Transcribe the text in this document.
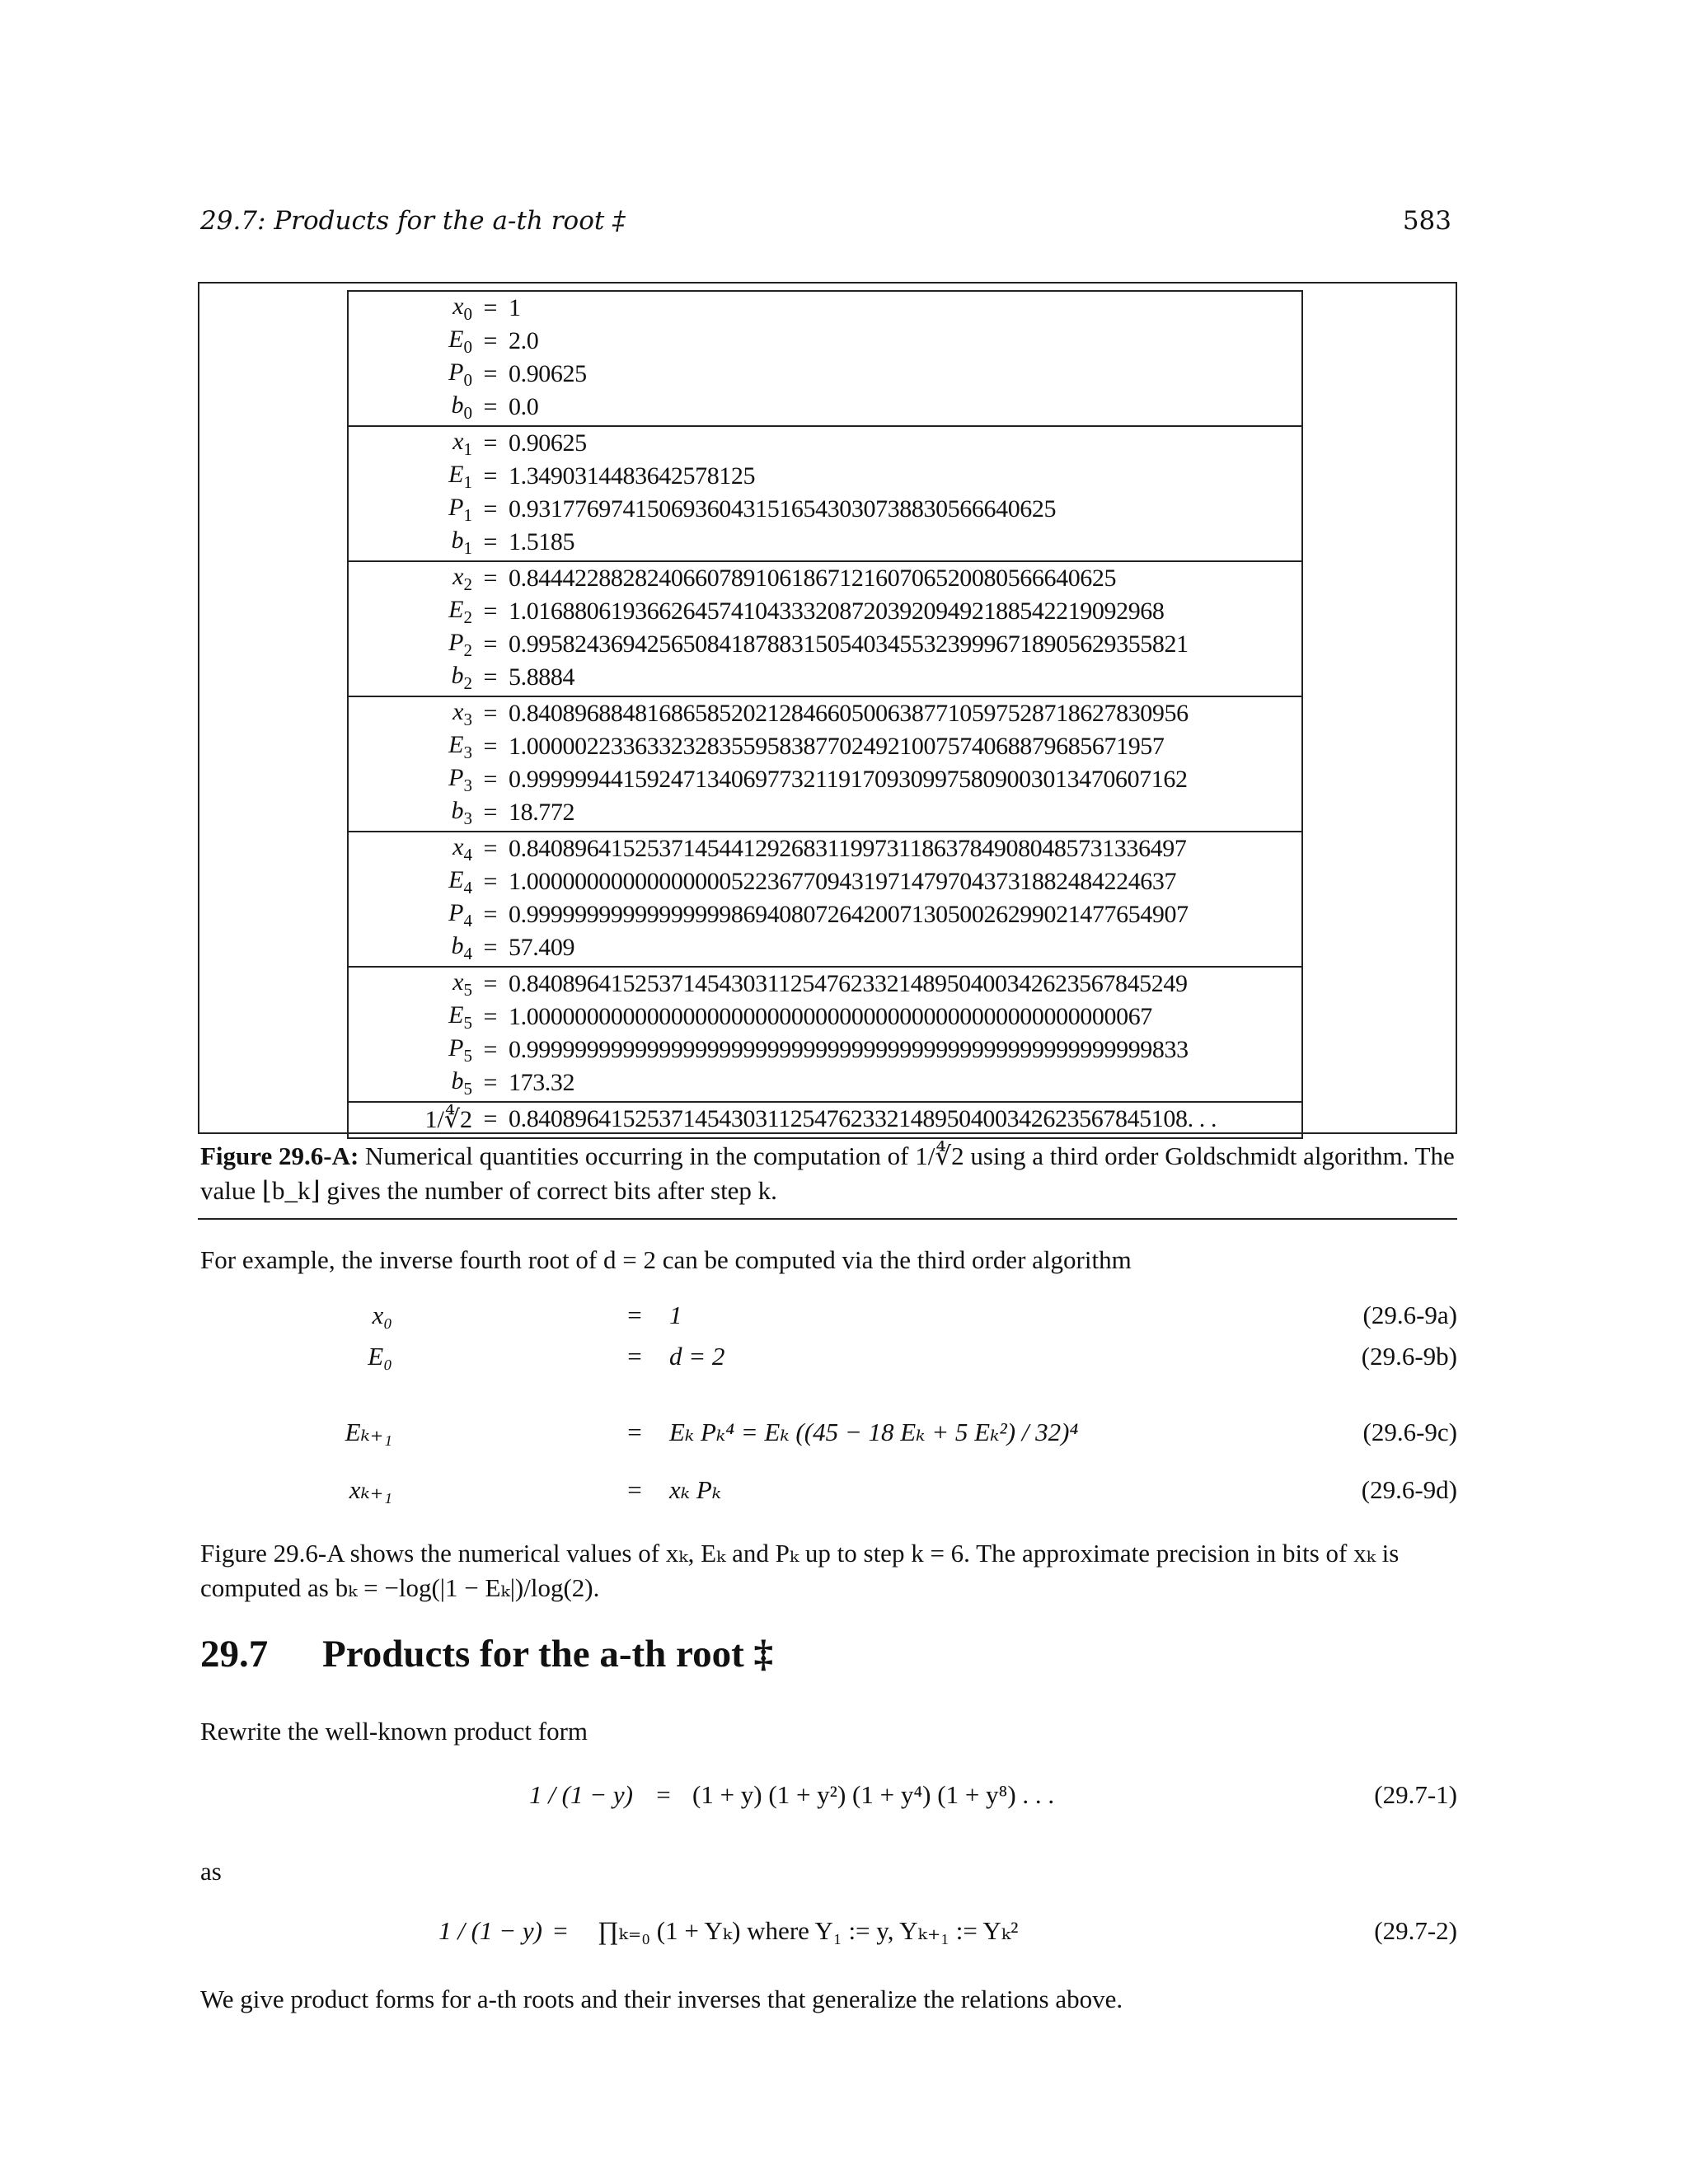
29.7: Products for the a-th root ‡	583
$x_0 = 1$
$E_0 = 2.0$
$P_0 = 0.90625$
$b_0 = 0.0$
$x_1 = 0.90625$
$E_1 = 1.3490314483642578125$
$P_1 = 0.93177697415069360431516543030738830566640625$
$b_1 = 1.5185$
$x_2 = 0.8444228828240660789106186712160706520080566640625$
$E_2 = 1.01688061936626457410433320872039209492188542219092968$
$P_2 = 0.9958243694256508418788315054034553239996718905629355821$
$b_2 = 5.8884$
$x_3 = 0.8408968848168658520212846605006387710597528718627830956$
$E_3 = 1.00000223363323283559583877024921007574068879685671957$
$P_3 = 0.9999994415924713406977321191709309975809003013470607162$
$b_3 = 18.772$
$x_4 = 0.8408964152537145441292683119973118637849080485731336497$
$E_4 = 1.000000000000000005223677094319714797043731882484224637$
$P_4 = 0.9999999999999999986940807264200713050026299021477654907$
$b_4 = 57.409$
$x_5 = 0.8408964152537145430311254762332148950400342623567845249$
$E_5 = 1.0000000000000000000000000000000000000000000000000067$
$P_5 = 0.9999999999999999999999999999999999999999999999999999833$
$b_5 = 173.32$
1/∜2 = 0.8408964152537145430311254762332148950400342623567845108. . .
Figure 29.6-A: Numerical quantities occurring in the computation of 1/∜2 using a third order Goldschmidt algorithm. The value ⌊b_k⌋ gives the number of correct bits after step k.
For example, the inverse fourth root of d = 2 can be computed via the third order algorithm
x₀	=	1	(29.6-9a)
E₀	=	d = 2	(29.6-9b)
Eₖ₊₁	=	Eₖ Pₖ⁴ = Eₖ ((45 − 18 Eₖ + 5 Eₖ²) / 32)⁴	(29.6-9c)
xₖ₊₁	=	xₖ Pₖ	(29.6-9d)
Figure 29.6-A shows the numerical values of xₖ, Eₖ and Pₖ up to step k = 6. The approximate precision in bits of xₖ is computed as bₖ = −log(|1 − Eₖ|)/log(2).
29.7 Products for the a-th root ‡
Rewrite the well-known product form
1 / (1 − y) = (1 + y) (1 + y²) (1 + y⁴) (1 + y⁸) . . .	(29.7-1)
as
1 / (1 − y) =	∏ₖ₌₀ (1 + Yₖ) where Y₁ := y, Yₖ₊₁ := Yₖ²	(29.7-2)
We give product forms for a-th roots and their inverses that generalize the relations above.
